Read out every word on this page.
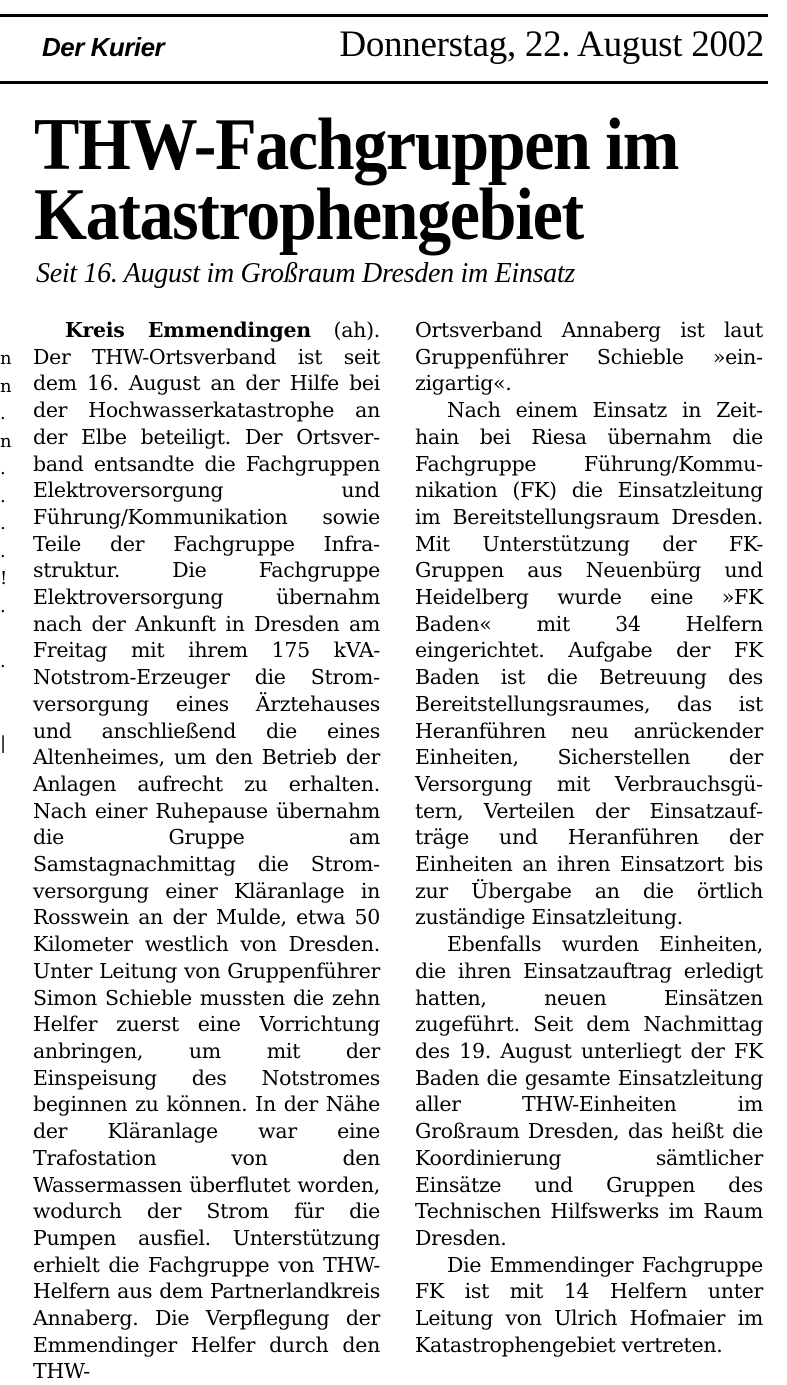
Der Kurier	Donnerstag, 22. August 2002
THW-Fachgruppen im
Katastrophengebiet
Seit 16. August im Großraum Dresden im Einsatz
n
n
.
n
.
.
.
.
!
.
.
|

Kreis Emmendingen (ah). Der THW-Ortsverband ist seit dem 16. August an der Hilfe bei der Hochwasserkatastrophe an der Elbe beteiligt. Der Ortsverband entsandte die Fachgruppen Elektroversorgung und Führung/Kommunikation sowie Teile der Fachgruppe Infrastruktur. Die Fachgruppe Elektroversorgung übernahm nach der Ankunft in Dresden am Freitag mit ihrem 175 kVA-Notstrom-Erzeuger die Stromversorgung eines Ärztehauses und anschließend die eines Altenheimes, um den Betrieb der Anlagen aufrecht zu erhalten. Nach einer Ruhepause übernahm die Gruppe am Samstagnachmittag die Stromversorgung einer Kläranlage in Rosswein an der Mulde, etwa 50 Kilometer westlich von Dresden. Unter Leitung von Gruppenführer Simon Schieble mussten die zehn Helfer zuerst eine Vorrichtung anbringen, um mit der Einspeisung des Notstromes beginnen zu können. In der Nähe der Kläranlage war eine Trafostation von den Wassermassen überflutet worden, wodurch der Strom für die Pumpen ausfiel. Unterstützung erhielt die Fachgruppe von THW-Helfern aus dem Partnerlandkreis Annaberg. Die Verpflegung der Emmendinger Helfer durch den THW-

Ortsverband Annaberg ist laut Gruppenführer Schieble »einzigartig«.

Nach einem Einsatz in Zeithain bei Riesa übernahm die Fachgruppe Führung/Kommunikation (FK) die Einsatzleitung im Bereitstellungsraum Dresden. Mit Unterstützung der FK-Gruppen aus Neuenbürg und Heidelberg wurde eine »FK Baden« mit 34 Helfern eingerichtet. Aufgabe der FK Baden ist die Betreuung des Bereitstellungsraumes, das ist Heranführen neu anrückender Einheiten, Sicherstellen der Versorgung mit Verbrauchsgütern, Verteilen der Einsatzaufträge und Heranführen der Einheiten an ihren Einsatzort bis zur Übergabe an die örtlich zuständige Einsatzleitung.

Ebenfalls wurden Einheiten, die ihren Einsatzauftrag erledigt hatten, neuen Einsätzen zugeführt. Seit dem Nachmittag des 19. August unterliegt der FK Baden die gesamte Einsatzleitung aller THW-Einheiten im Großraum Dresden, das heißt die Koordinierung sämtlicher Einsätze und Gruppen des Technischen Hilfswerks im Raum Dresden.

Die Emmendinger Fachgruppe FK ist mit 14 Helfern unter Leitung von Ulrich Hofmaier im Katastrophengebiet vertreten.
